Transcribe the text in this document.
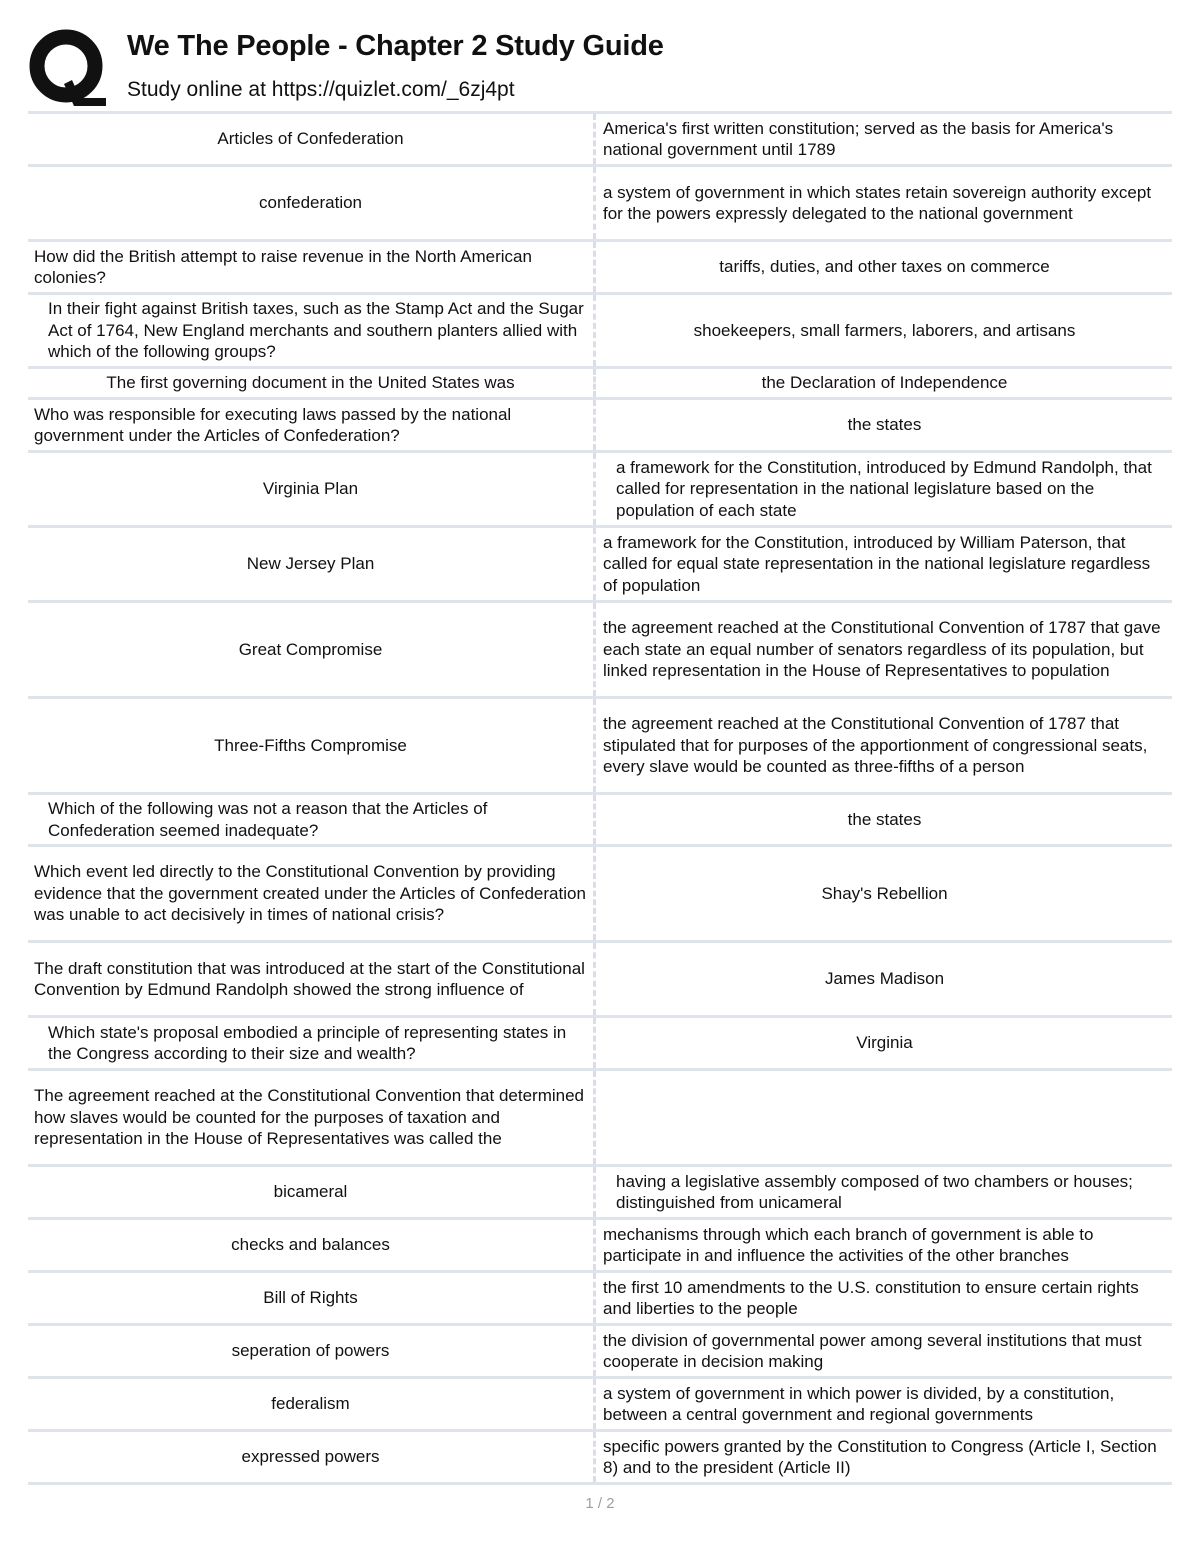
We The People - Chapter 2 Study Guide
Study online at https://quizlet.com/_6zj4pt
Articles of Confederation
America's first written constitution; served as the basis for America's national government until 1789
confederation
a system of government in which states retain sovereign authority except for the powers expressly delegated to the national government
How did the British attempt to raise revenue in the North American colonies?
tariffs, duties, and other taxes on commerce
In their fight against British taxes, such as the Stamp Act and the Sugar Act of 1764, New England merchants and southern planters allied with which of the following groups?
shoekeepers, small farmers, laborers, and artisans
The first governing document in the United States was	the Declaration of Independence
Who was responsible for executing laws passed by the national government under the Articles of Confederation?
the states
Virginia Plan
a framework for the Constitution, introduced by Edmund Randolph, that called for representation in the national legislature based on the population of each state
New Jersey Plan
a framework for the Constitution, introduced by William Paterson, that called for equal state representation in the national legislature regardless of population
Great Compromise
the agreement reached at the Constitutional Convention of 1787 that gave each state an equal number of senators regardless of its population, but linked representation in the House of Representatives to population
Three-Fifths Compromise
the agreement reached at the Constitutional Convention of 1787 that stipulated that for purposes of the apportionment of congressional seats, every slave would be counted as three-fifths of a person
Which of the following was not a reason that the Articles of Confederation seemed inadequate?
the states
Which event led directly to the Constitutional Convention by providing evidence that the government created under the Articles of Confederation was unable to act decisively in times of national crisis?
Shay's Rebellion
The draft constitution that was introduced at the start of the Constitutional Convention by Edmund Randolph showed the strong influence of
James Madison
Which state's proposal embodied a principle of representing states in the Congress according to their size and wealth?
Virginia
The agreement reached at the Constitutional Convention that determined how slaves would be counted for the purposes of taxation and representation in the House of Representatives was called the
bicameral
having a legislative assembly composed of two chambers or houses; distinguished from unicameral
checks and balances
mechanisms through which each branch of government is able to participate in and influence the activities of the other branches
Bill of Rights
the first 10 amendments to the U.S. constitution to ensure certain rights and liberties to the people
seperation of powers
the division of governmental power among several institutions that must cooperate in decision making
federalism
a system of government in which power is divided, by a constitution, between a central government and regional governments
expressed powers
specific powers granted by the Constitution to Congress (Article I, Section 8) and to the president (Article II)
1 / 2
